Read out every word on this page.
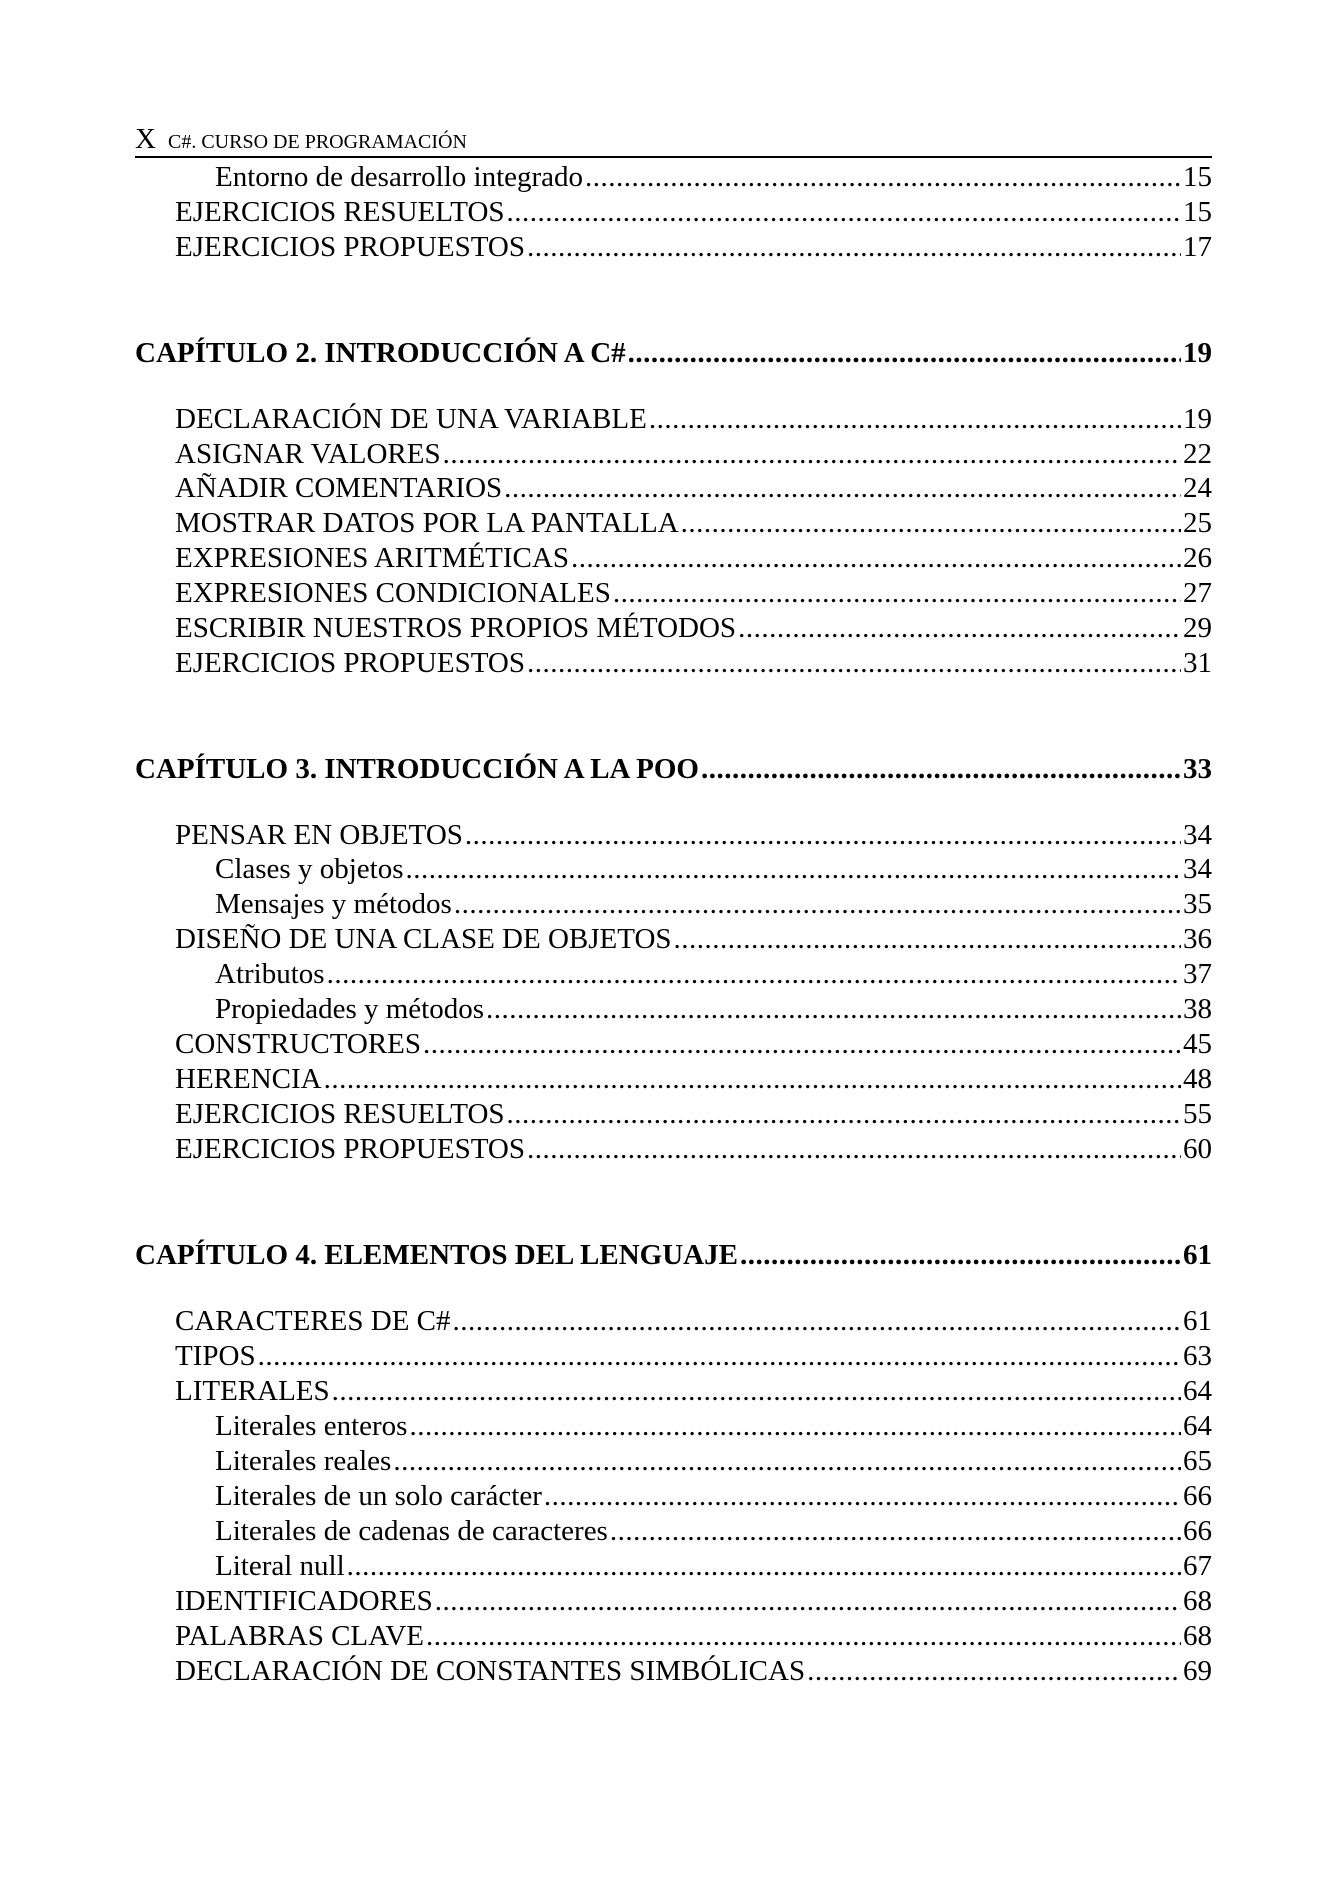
X C#. CURSO DE PROGRAMACIÓN
Entorno de desarrollo integrado .....	15
EJERCICIOS RESUELTOS .....	15
EJERCICIOS PROPUESTOS .....	17
CAPÍTULO 2. INTRODUCCIÓN A C# .....	19
DECLARACIÓN DE UNA VARIABLE .....	19
ASIGNAR VALORES .....	22
AÑADIR COMENTARIOS .....	24
MOSTRAR DATOS POR LA PANTALLA .....	25
EXPRESIONES ARITMÉTICAS .....	26
EXPRESIONES CONDICIONALES .....	27
ESCRIBIR NUESTROS PROPIOS MÉTODOS .....	29
EJERCICIOS PROPUESTOS .....	31
CAPÍTULO 3. INTRODUCCIÓN A LA POO .....	33
PENSAR EN OBJETOS .....	34
Clases y objetos .....	34
Mensajes y métodos .....	35
DISEÑO DE UNA CLASE DE OBJETOS .....	36
Atributos .....	37
Propiedades y métodos .....	38
CONSTRUCTORES .....	45
HERENCIA .....	48
EJERCICIOS RESUELTOS .....	55
EJERCICIOS PROPUESTOS .....	60
CAPÍTULO 4. ELEMENTOS DEL LENGUAJE .....	61
CARACTERES DE C# .....	61
TIPOS .....	63
LITERALES .....	64
Literales enteros .....	64
Literales reales .....	65
Literales de un solo carácter .....	66
Literales de cadenas de caracteres .....	66
Literal null .....	67
IDENTIFICADORES .....	68
PALABRAS CLAVE .....	68
DECLARACIÓN DE CONSTANTES SIMBÓLICAS .....	69
